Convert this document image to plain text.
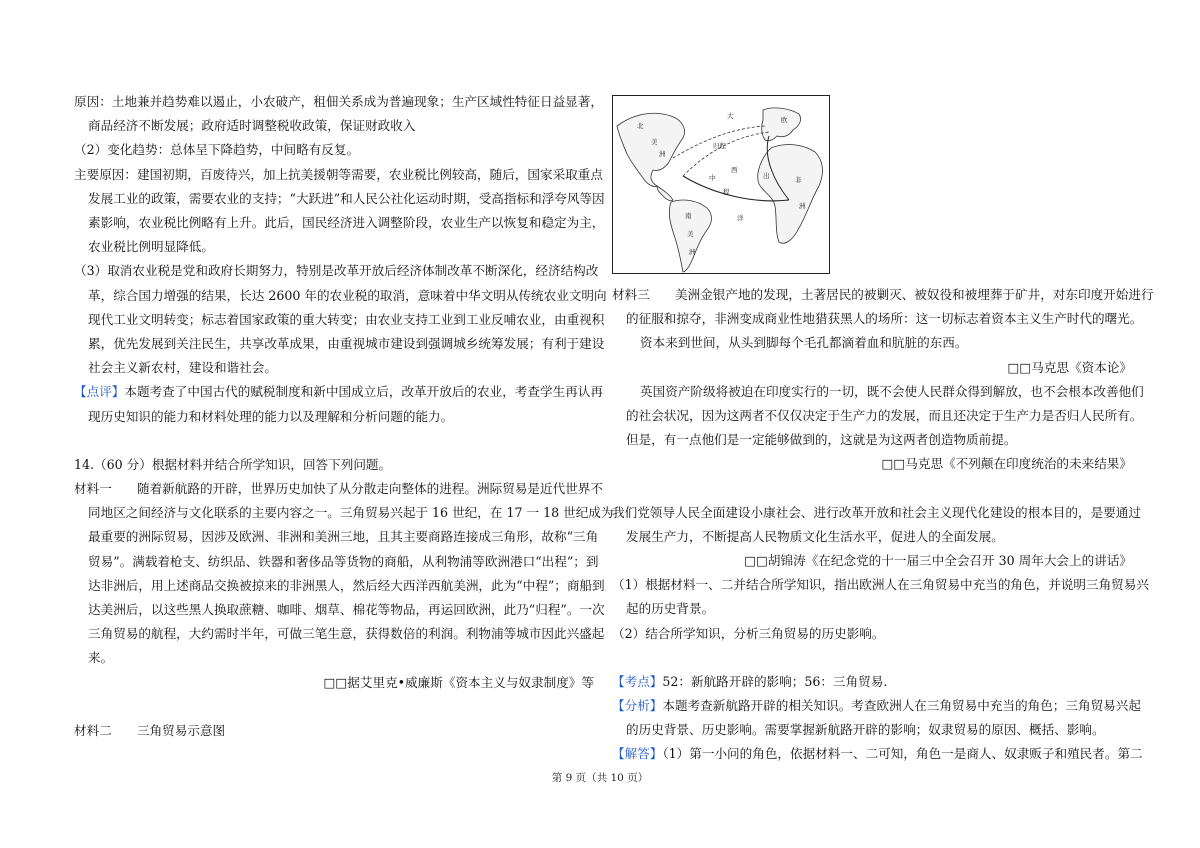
原因：土地兼并趋势难以遏止，小农破产，租佃关系成为普遍现象；生产区域性特征日益显著，
商品经济不断发展；政府适时调整税收政策，保证财政收入
（2）变化趋势：总体呈下降趋势，中间略有反复。
主要原因：建国初期，百废待兴，加上抗美援朝等需要，农业税比例较高，随后，国家采取重点
发展工业的政策，需要农业的支持；“大跃进”和人民公社化运动时期，受高指标和浮夸风等因
素影响，农业税比例略有上升。此后，国民经济进入调整阶段，农业生产以恢复和稳定为主，
农业税比例明显降低。
（3）取消农业税是党和政府长期努力，特别是改革开放后经济体制改革不断深化，经济结构改
革，综合国力增强的结果，长达 2600 年的农业税的取消，意味着中华文明从传统农业文明向
现代工业文明转变；标志着国家政策的重大转变；由农业支持工业到工业反哺农业，由重视积
累，优先发展到关注民生，共享改革成果，由重视城市建设到强调城乡统筹发展；有利于建设
社会主义新农村，建设和谐社会。
【点评】本题考查了中国古代的赋税制度和新中国成立后，改革开放后的农业，考查学生再认再
现历史知识的能力和材料处理的能力以及理解和分析问题的能力。
14.（60 分）根据材料并结合所学知识，回答下列问题。
材料一　　随着新航路的开辟，世界历史加快了从分散走向整体的进程。洲际贸易是近代世界不
同地区之间经济与文化联系的主要内容之一。三角贸易兴起于 16 世纪，在 17 一 18 世纪成为
最重要的洲际贸易，因涉及欧洲、非洲和美洲三地，且其主要商路连接成三角形，故称“三角
贸易”。满载着枪支、纺织品、铁器和奢侈品等货物的商船，从利物浦等欧洲港口“出程”；到
达非洲后，用上述商品交换被掠来的非洲黑人，然后经大西洋西航美洲，此为“中程”；商船到
达美洲后，以这些黑人换取蔗糖、咖啡、烟草、棉花等物品，再运回欧洲，此乃“归程”。一次
三角贸易的航程，大约需时半年，可做三笔生意，获得数倍的利润。利物浦等城市因此兴盛起
来。
□□据艾里克•威廉斯《资本主义与奴隶制度》等
材料二　　三角贸易示意图
北
美
洲
大
归程
西
中
洋
程
出
欧
非
南
美
洲
洲
材料三　　美洲金银产地的发现，土著居民的被剿灭、被奴役和被埋葬于矿井，对东印度开始进行
的征服和掠夺，非洲变成商业性地猎获黑人的场所：这一切标志着资本主义生产时代的曙光。
资本来到世间，从头到脚每个毛孔都滴着血和肮脏的东西。
□□马克思《资本论》
英国资产阶级将被迫在印度实行的一切，既不会使人民群众得到解放，也不会根本改善他们
的社会状况，因为这两者不仅仅决定于生产力的发展，而且还决定于生产力是否归人民所有。
但是，有一点他们是一定能够做到的，这就是为这两者创造物质前提。
□□马克思《不列颠在印度统治的未来结果》
我们党领导人民全面建设小康社会、进行改革开放和社会主义现代化建设的根本目的，是要通过
发展生产力，不断提高人民物质文化生活水平，促进人的全面发展。
□□胡锦涛《在纪念党的十一届三中全会召开 30 周年大会上的讲话》
（1）根据材料一、二并结合所学知识，指出欧洲人在三角贸易中充当的角色，并说明三角贸易兴
起的历史背景。
（2）结合所学知识，分析三角贸易的历史影响。
【考点】52：新航路开辟的影响；56：三角贸易.
【分析】本题考查新航路开辟的相关知识。考查欧洲人在三角贸易中充当的角色；三角贸易兴起
的历史背景、历史影响。需要掌握新航路开辟的影响；奴隶贸易的原因、概括、影响。
【解答】（1）第一小问的角色，依据材料一、二可知，角色一是商人、奴隶贩子和殖民者。第二
第 9 页（共 10 页）
